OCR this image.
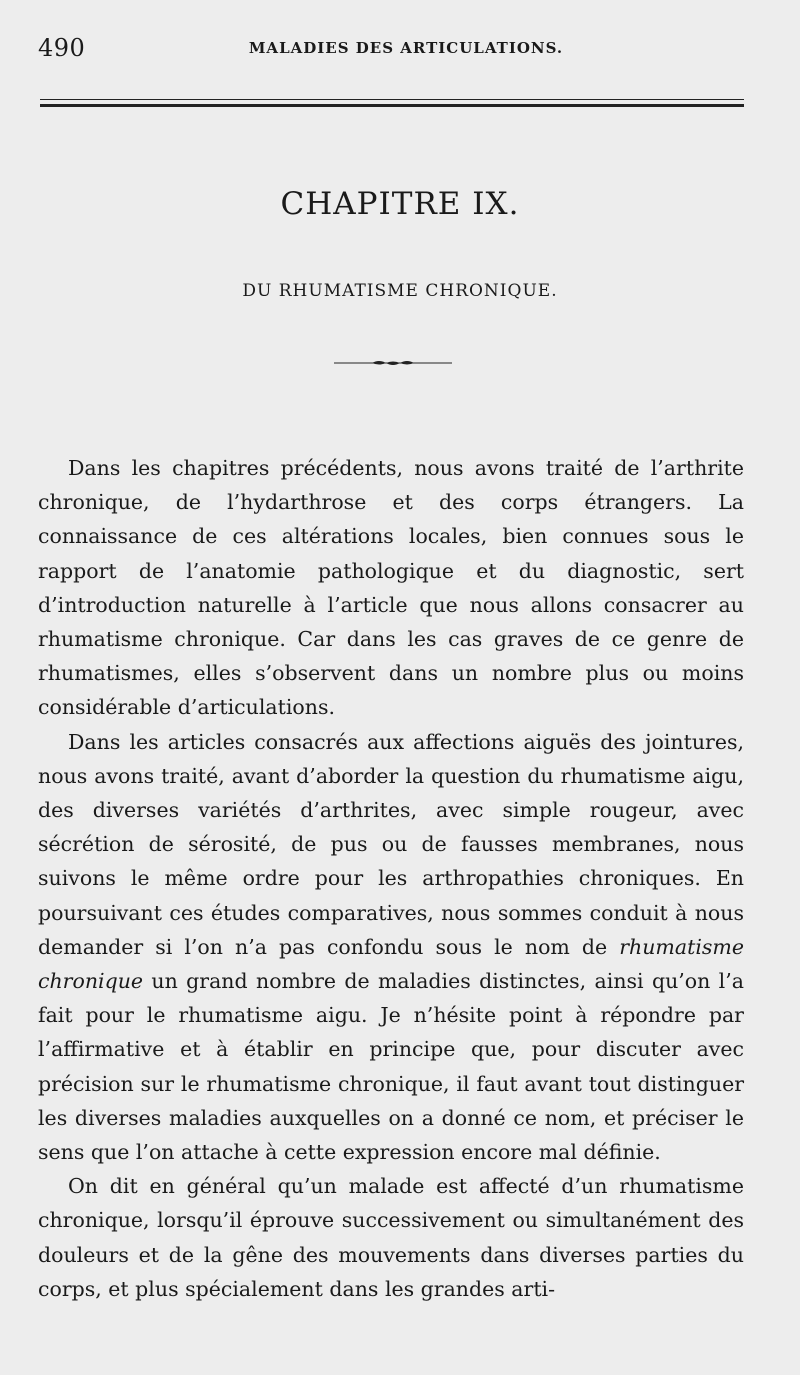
490	MALADIES DES ARTICULATIONS.
CHAPITRE IX.
DU RHUMATISME CHRONIQUE.

Dans les chapitres précédents, nous avons traité de l’arthrite chronique, de l’hydarthrose et des corps étrangers. La connaissance de ces altérations locales, bien connues sous le rapport de l’anatomie pathologique et du diagnostic, sert d’introduction naturelle à l’article que nous allons consacrer au rhumatisme chronique. Car dans les cas graves de ce genre de rhumatismes, elles s’observent dans un nombre plus ou moins considérable d’articulations.

Dans les articles consacrés aux affections aiguës des jointures, nous avons traité, avant d’aborder la question du rhumatisme aigu, des diverses variétés d’arthrites, avec simple rougeur, avec sécrétion de sérosité, de pus ou de fausses membranes, nous suivons le même ordre pour les arthropathies chroniques. En poursuivant ces études comparatives, nous sommes conduit à nous demander si l’on n’a pas confondu sous le nom de rhumatisme chronique un grand nombre de maladies distinctes, ainsi qu’on l’a fait pour le rhumatisme aigu. Je n’hésite point à répondre par l’affirmative et à établir en principe que, pour discuter avec précision sur le rhumatisme chronique, il faut avant tout distinguer les diverses maladies auxquelles on a donné ce nom, et préciser le sens que l’on attache à cette expression encore mal définie.

On dit en général qu’un malade est affecté d’un rhumatisme chronique, lorsqu’il éprouve successivement ou simultanément des douleurs et de la gêne des mouvements dans diverses parties du corps, et plus spécialement dans les grandes arti-
